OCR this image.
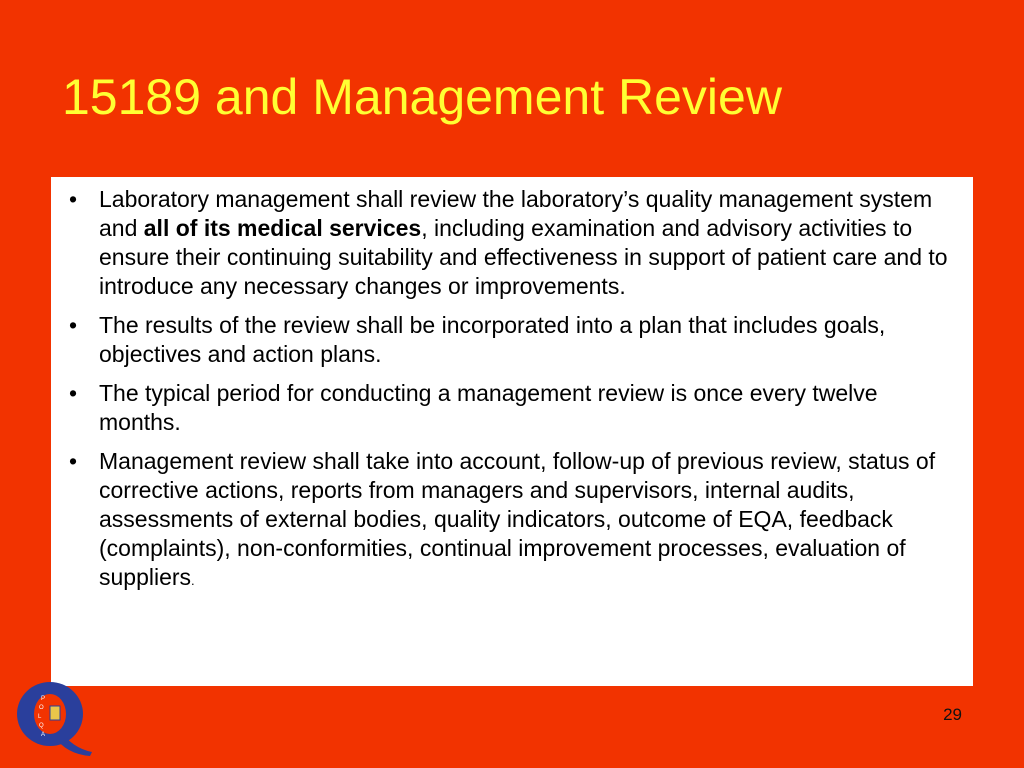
15189 and Management Review
• Laboratory management shall review the laboratory’s quality management system and all of its medical services, including examination and advisory activities to ensure their continuing suitability and effectiveness in support of patient care and to introduce any necessary changes or improvements.
• The results of the review shall be incorporated into a plan that includes goals, objectives and action plans.
• The typical period for conducting a management review is once every twelve months.
• Management review shall take into account, follow-up of previous review, status of corrective actions, reports from managers and supervisors, internal audits, assessments of external bodies, quality indicators, outcome of EQA, feedback (complaints), non-conformities, continual improvement processes, evaluation of suppliers.
P
O
L
Q
A
29
